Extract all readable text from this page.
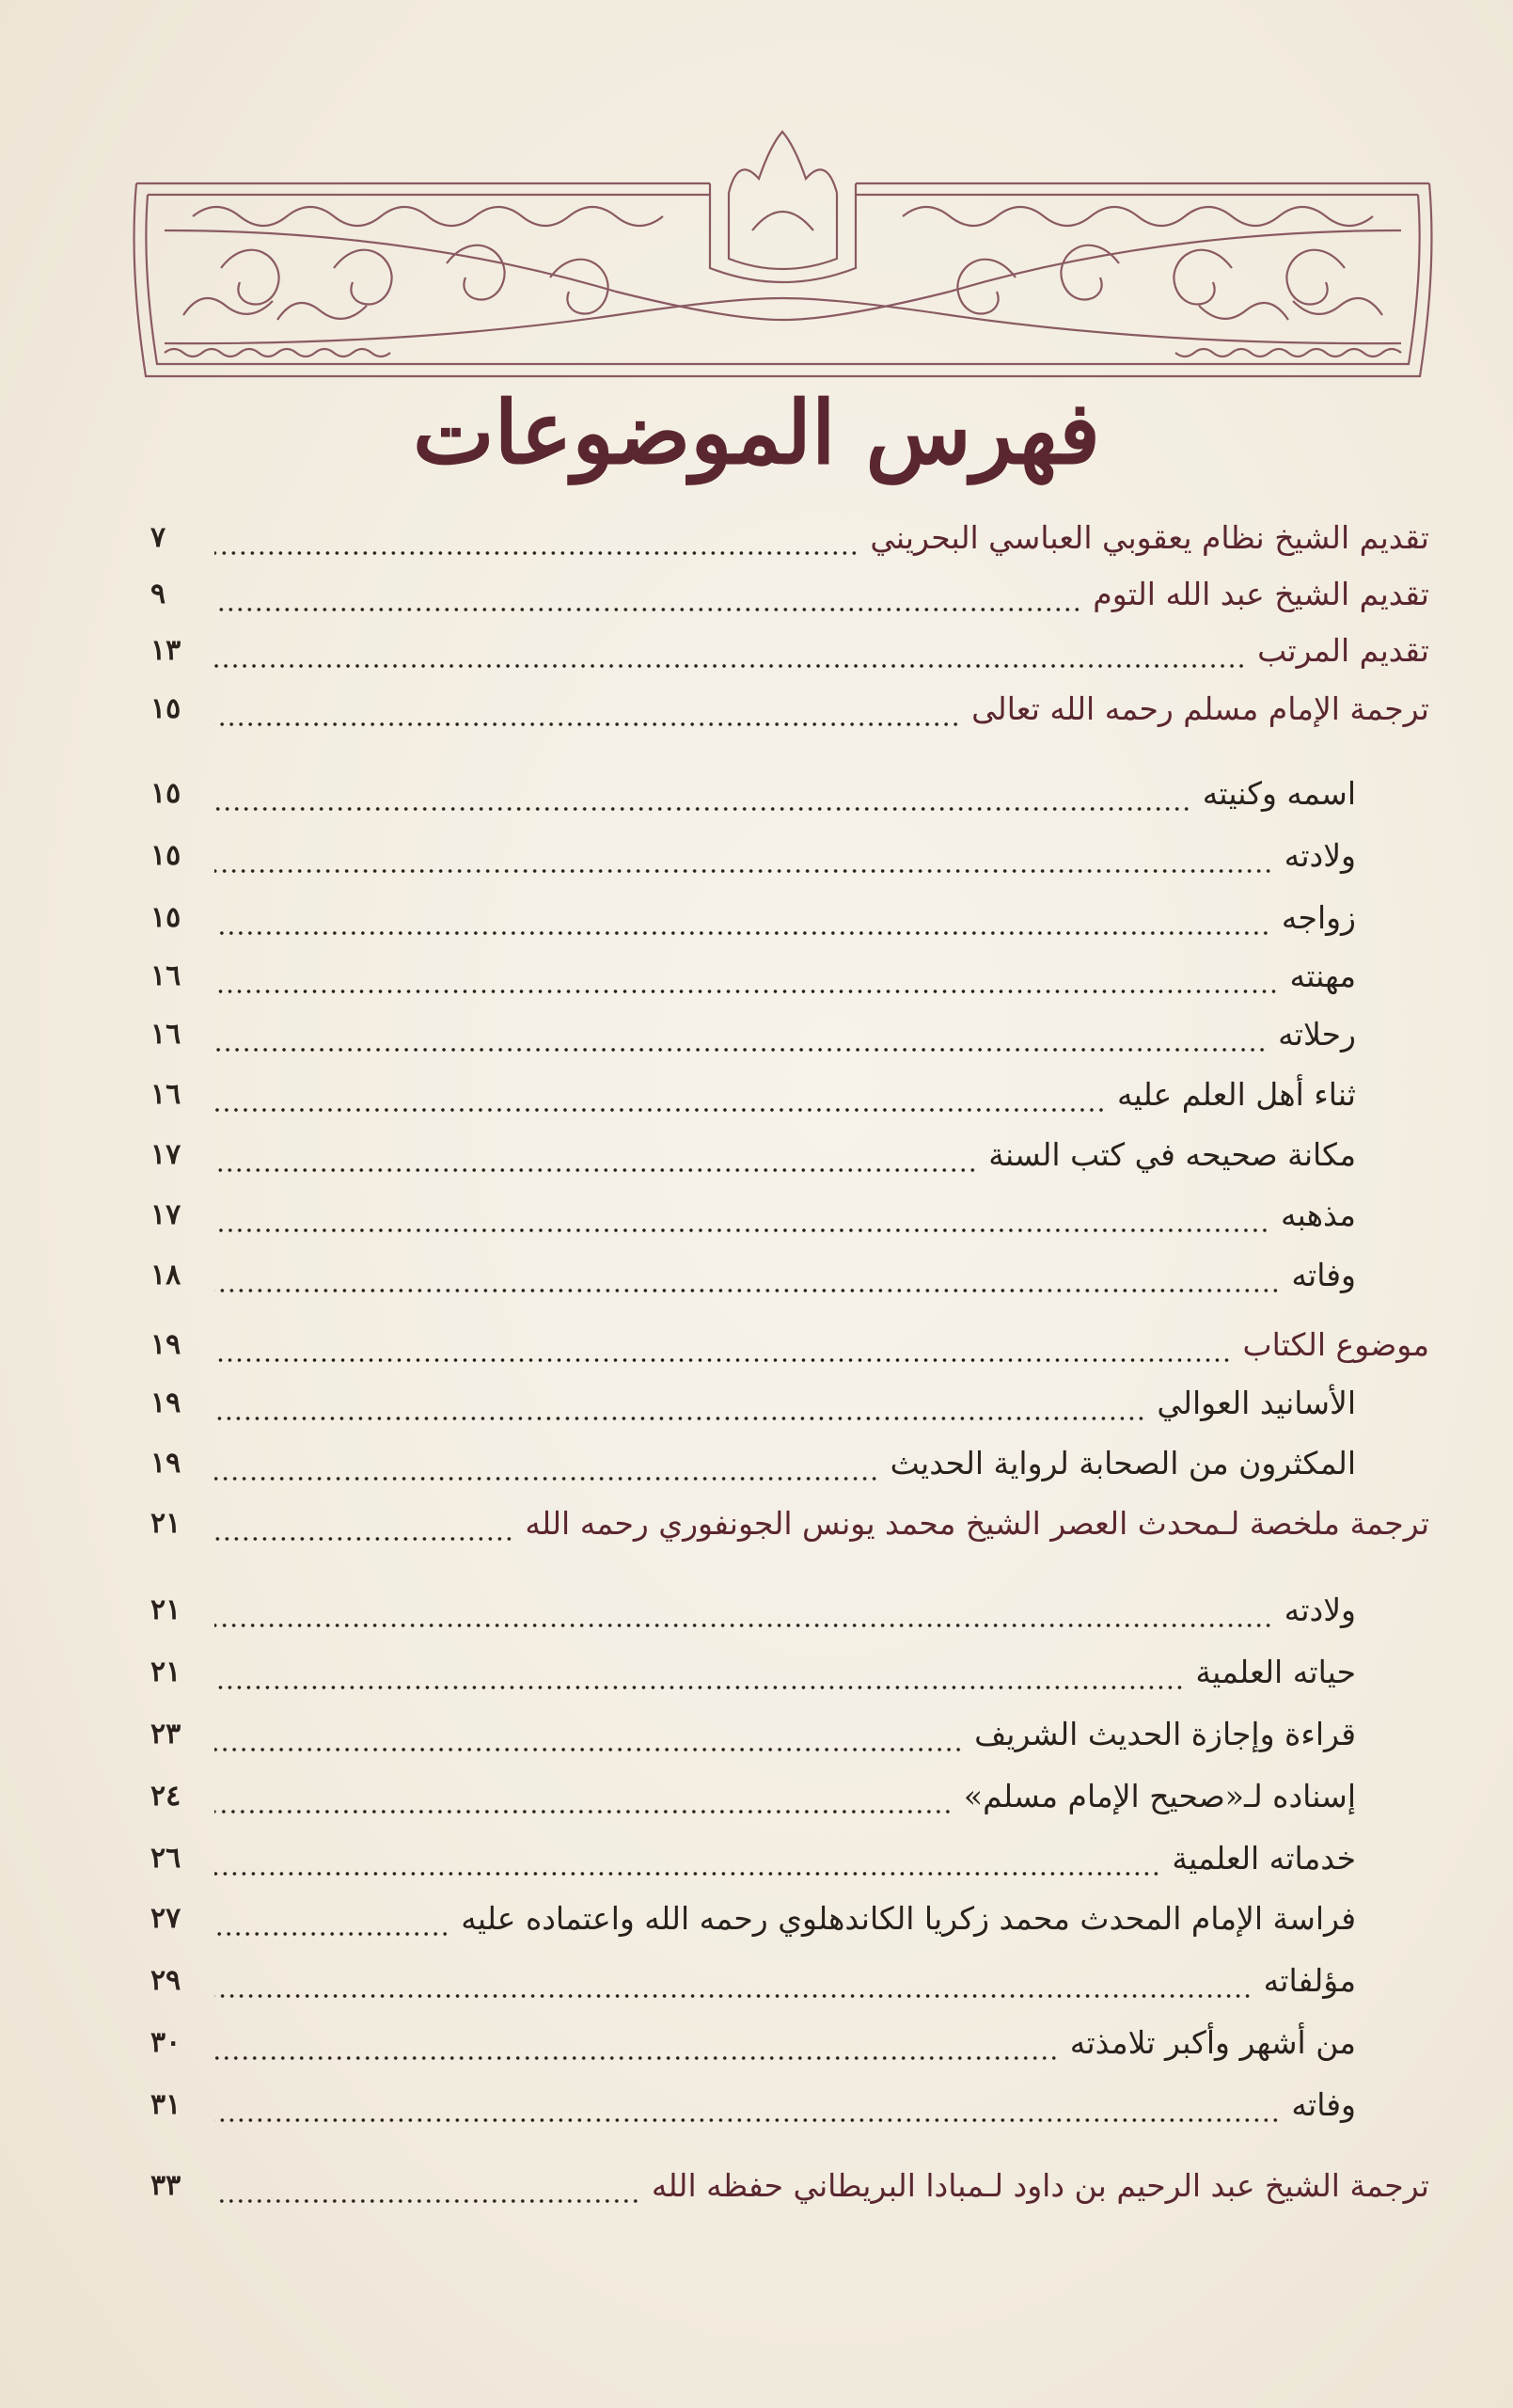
فهرس الموضوعات
تقديم الشيخ نظام يعقوبي العباسي البحريني
٧
تقديم الشيخ عبد الله التوم
٩
تقديم المرتب
١٣
ترجمة الإمام مسلم رحمه الله تعالى
١٥
اسمه وكنيته
١٥
ولادته
١٥
زواجه
١٥
مهنته
١٦
رحلاته
١٦
ثناء أهل العلم عليه
١٦
مكانة صحيحه في كتب السنة
١٧
مذهبه
١٧
وفاته
١٨
موضوع الكتاب
١٩
الأسانيد العوالي
١٩
المكثرون من الصحابة لرواية الحديث
١٩
ترجمة ملخصة لـمحدث العصر الشيخ محمد يونس الجونفوري رحمه الله
٢١
ولادته
٢١
حياته العلمية
٢١
قراءة وإجازة الحديث الشريف
٢٣
إسناده لـ«صحيح الإمام مسلم»
٢٤
خدماته العلمية
٢٦
فراسة الإمام المحدث محمد زكريا الكاندهلوي رحمه الله واعتماده عليه
٢٧
مؤلفاته
٢٩
من أشهر وأكبر تلامذته
٣٠
وفاته
٣١
ترجمة الشيخ عبد الرحيم بن داود لـمبادا البريطاني حفظه الله
٣٣
